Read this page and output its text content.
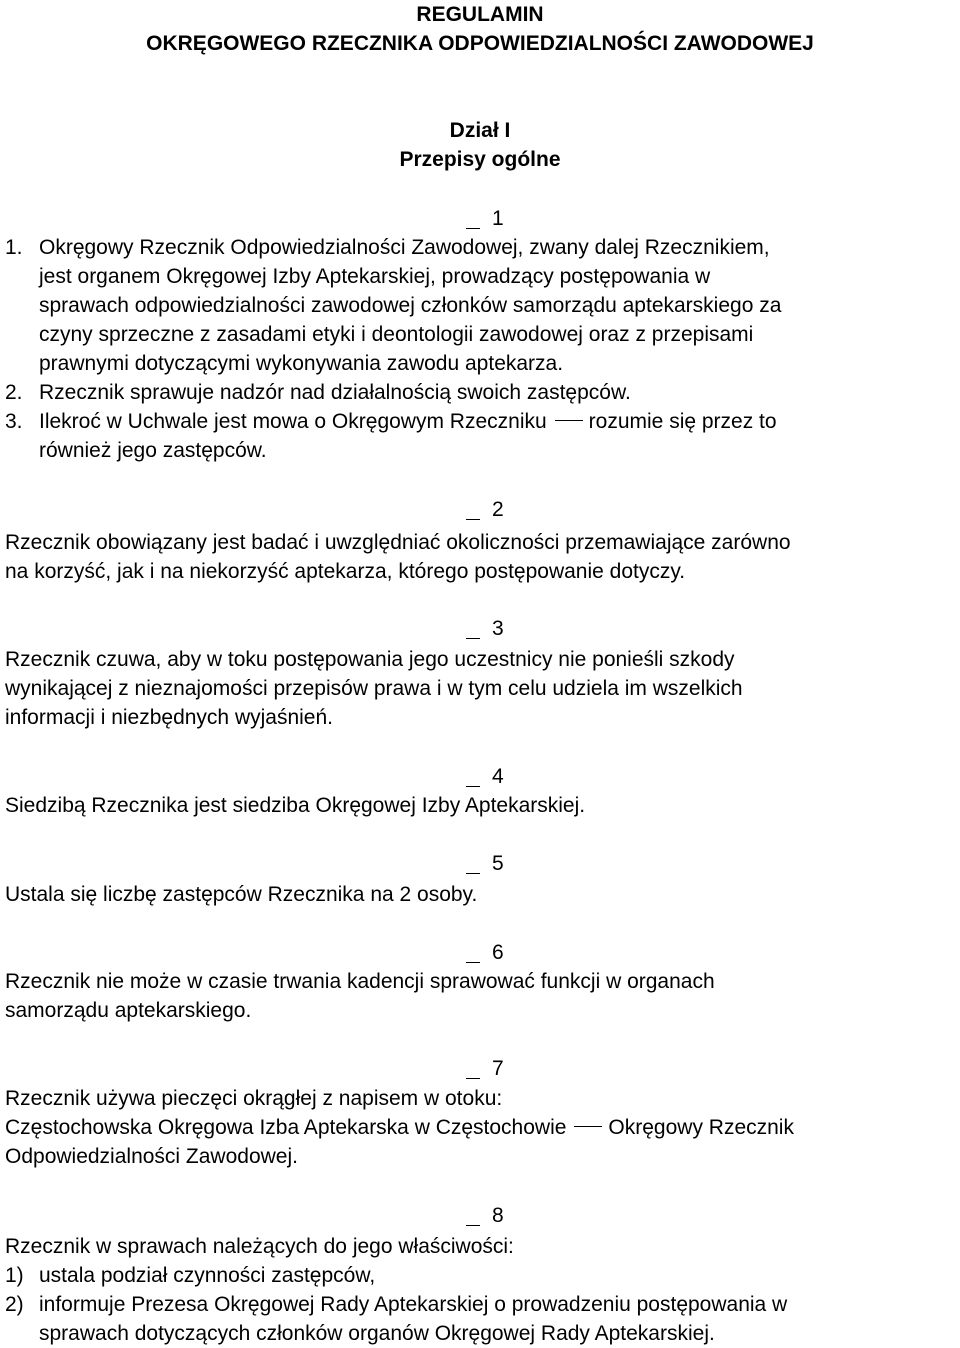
REGULAMIN
OKRĘGOWEGO RZECZNIKA ODPOWIEDZIALNOŚCI ZAWODOWEJ
Dział I
Przepisy ogólne
1
1. Okręgowy Rzecznik Odpowiedzialności Zawodowej, zwany dalej Rzecznikiem,
jest organem Okręgowej Izby Aptekarskiej, prowadzący postępowania w
sprawach odpowiedzialności zawodowej członków samorządu aptekarskiego za
czyny sprzeczne z zasadami etyki i deontologii zawodowej oraz z przepisami
prawnymi dotyczącymi wykonywania zawodu aptekarza.
2. Rzecznik sprawuje nadzór nad działalnością swoich zastępców.
3. Ilekroć w Uchwale jest mowa o Okręgowym Rzeczniku rozumie się przez to
również jego zastępców.
2
Rzecznik obowiązany jest badać i uwzględniać okoliczności przemawiające zarówno
na korzyść, jak i na niekorzyść aptekarza, którego postępowanie dotyczy.
3
Rzecznik czuwa, aby w toku postępowania jego uczestnicy nie ponieśli szkody
wynikającej z nieznajomości przepisów prawa i w tym celu udziela im wszelkich
informacji i niezbędnych wyjaśnień.
4
Siedzibą Rzecznika jest siedziba Okręgowej Izby Aptekarskiej.
5
Ustala się liczbę zastępców Rzecznika na 2 osoby.
6
Rzecznik nie może w czasie trwania kadencji sprawować funkcji w organach
samorządu aptekarskiego.
7
Rzecznik używa pieczęci okrągłej z napisem w otoku:
Częstochowska Okręgowa Izba Aptekarska w Częstochowie Okręgowy Rzecznik
Odpowiedzialności Zawodowej.
8
Rzecznik w sprawach należących do jego właściwości:
1) ustala podział czynności zastępców,
2) informuje Prezesa Okręgowej Rady Aptekarskiej o prowadzeniu postępowania w
sprawach dotyczących członków organów Okręgowej Rady Aptekarskiej.
